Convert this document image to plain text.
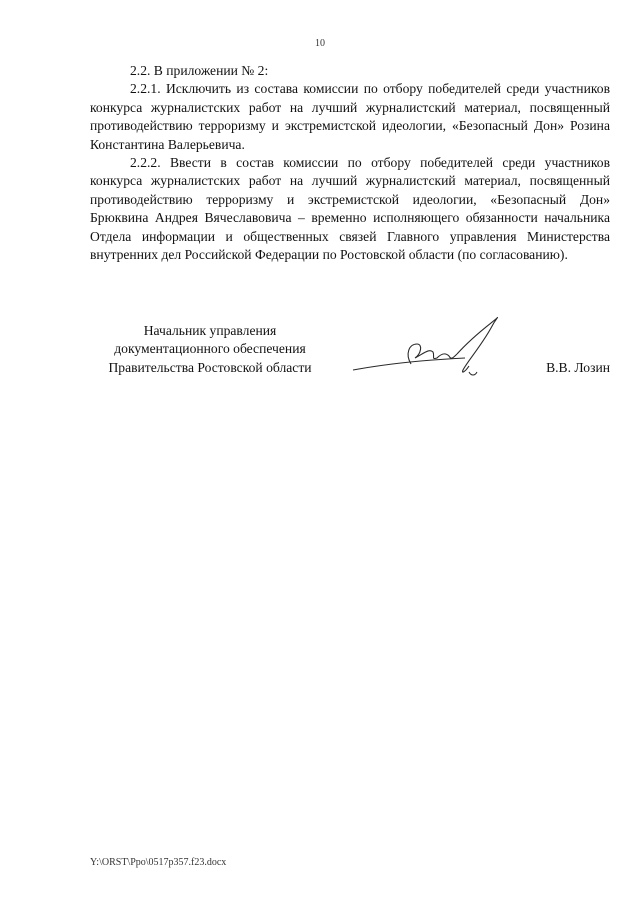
10

2.2. В приложении № 2:

2.2.1. Исключить из состава комиссии по отбору победителей среди участников конкурса журналистских работ на лучший журналистский материал, посвященный противодействию терроризму и экстремистской идеологии, «Безопасный Дон» Розина Константина Валерьевича.

2.2.2. Ввести в состав комиссии по отбору победителей среди участников конкурса журналистских работ на лучший журналистский материал, посвященный противодействию терроризму и экстремистской идеологии, «Безопасный Дон» Брюквина Андрея Вячеславовича – временно исполняющего обязанности начальника Отдела информации и общественных связей Главного управления Министерства внутренних дел Российской Федерации по Ростовской области (по согласованию).

Начальник управления
документационного обеспечения
Правительства Ростовской области	В.В. Лозин
Y:\ORST\Ppo\0517p357.f23.docx
